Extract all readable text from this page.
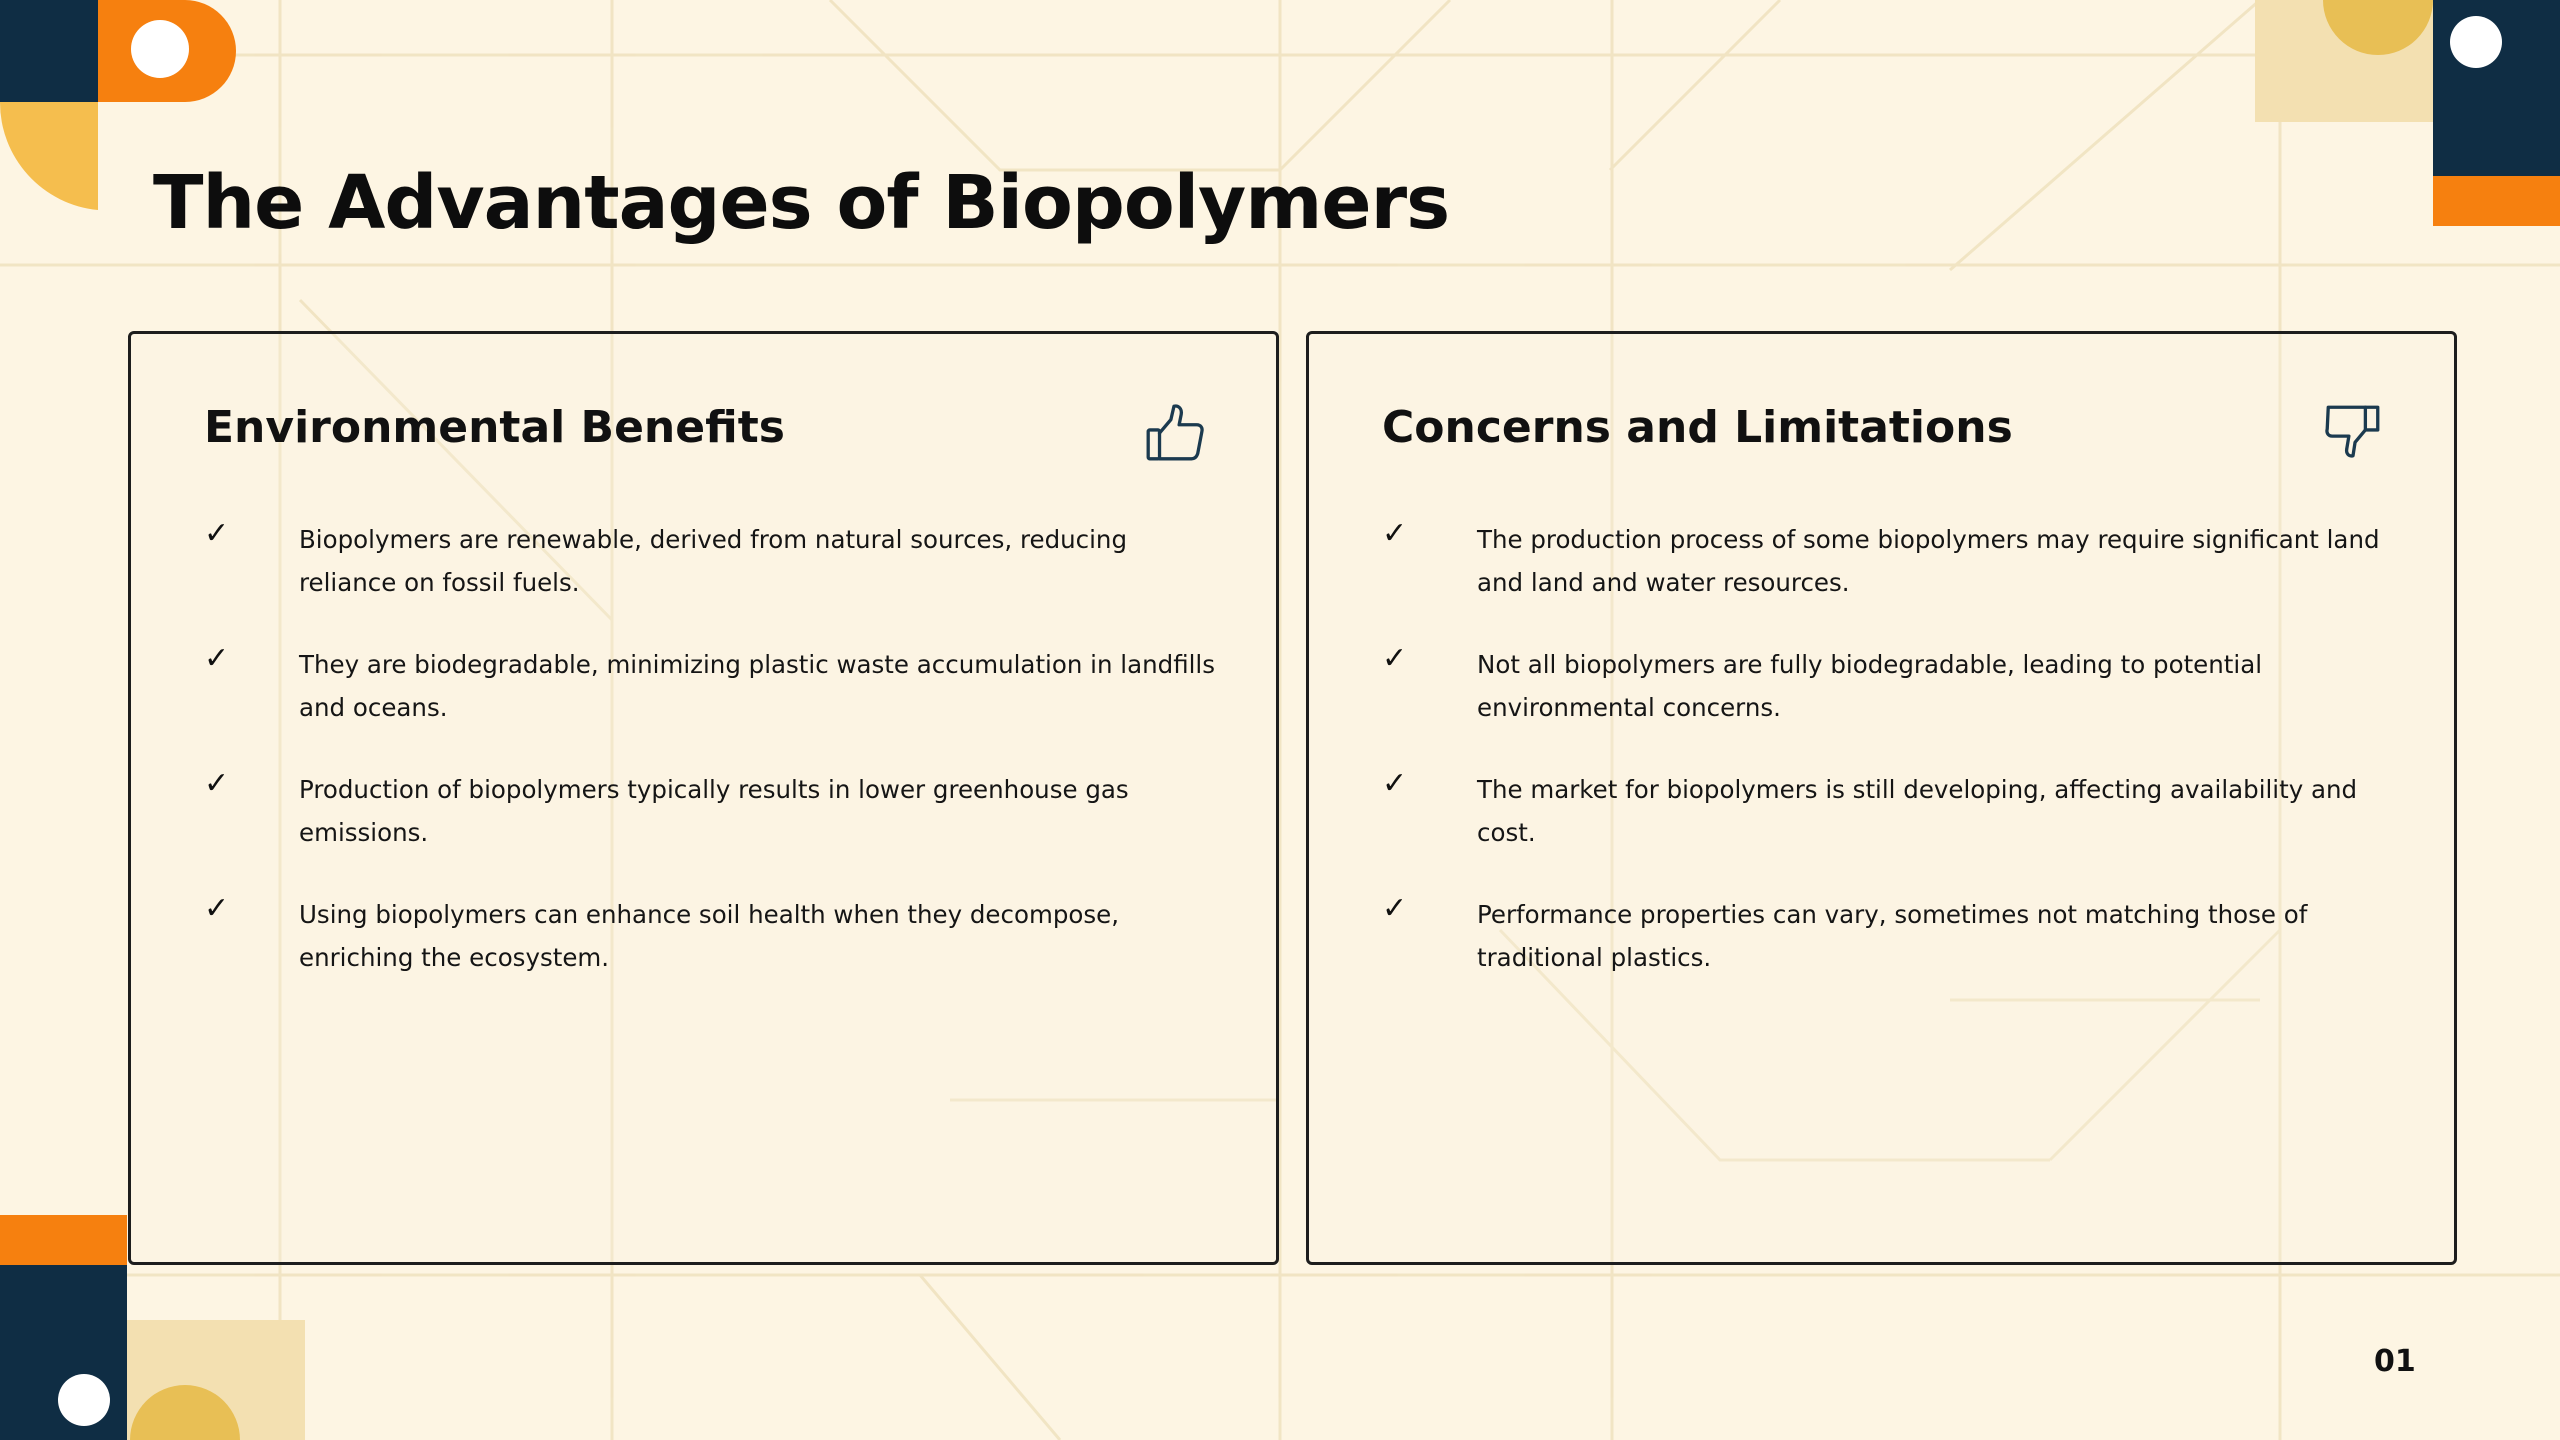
The Advantages of Biopolymers
Environmental Benefits
✓	Biopolymers are renewable, derived from natural sources, reducing reliance on fossil fuels.
✓	They are biodegradable, minimizing plastic waste accumulation in landfills and oceans.
✓	Production of biopolymers typically results in lower greenhouse gas emissions.
✓	Using biopolymers can enhance soil health when they decompose, enriching the ecosystem.
Concerns and Limitations
✓	The production process of some biopolymers may require significant land and land and water resources.
✓	Not all biopolymers are fully biodegradable, leading to potential environmental concerns.
✓	The market for biopolymers is still developing, affecting availability and cost.
✓	Performance properties can vary, sometimes not matching those of traditional plastics.
01
